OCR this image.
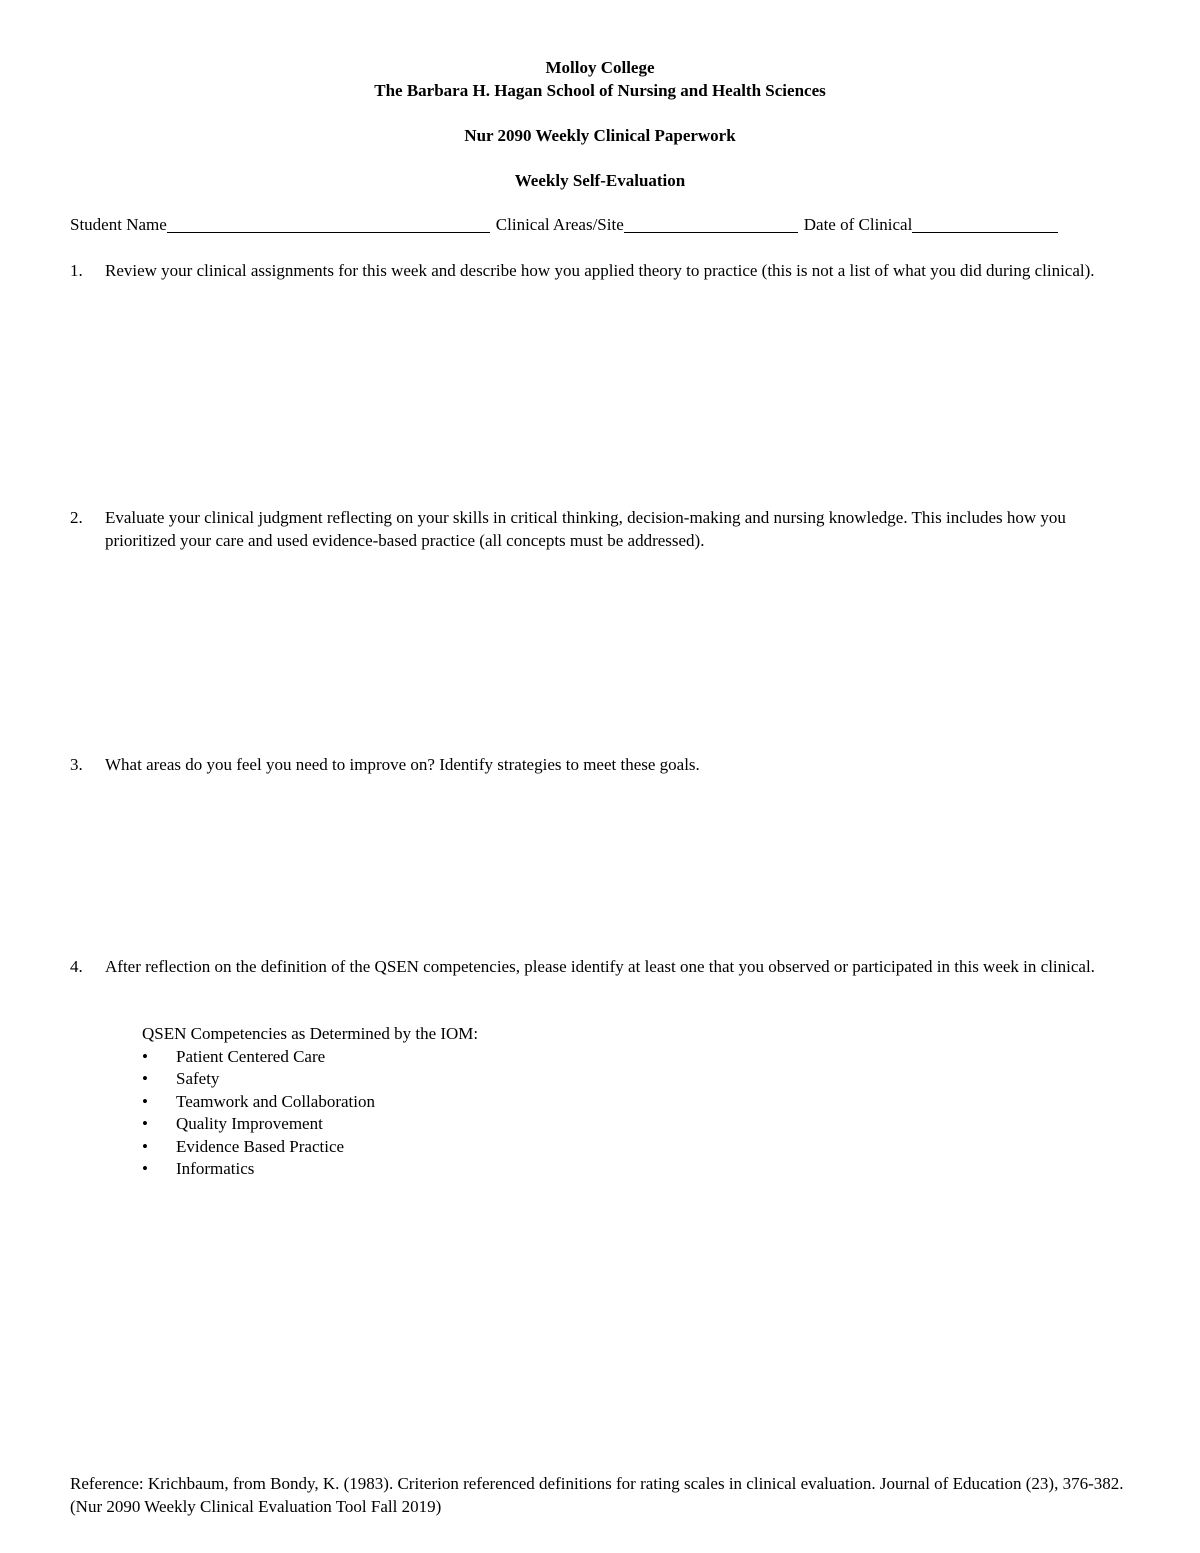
Molloy College
The Barbara H. Hagan School of Nursing and Health Sciences
Nur 2090 Weekly Clinical Paperwork
Weekly Self-Evaluation
Student Name	Clinical Areas/Site	Date of Clinical
1.	Review your clinical assignments for this week and describe how you applied theory to practice (this is not a list of what you did during clinical).
2.	Evaluate your clinical judgment reflecting on your skills in critical thinking, decision-making and nursing knowledge. This includes how you prioritized your care and used evidence-based practice (all concepts must be addressed).
3.	What areas do you feel you need to improve on? Identify strategies to meet these goals.
4.	After reflection on the definition of the QSEN competencies, please identify at least one that you observed or participated in this week in clinical.
QSEN Competencies as Determined by the IOM:
• Patient Centered Care
• Safety
• Teamwork and Collaboration
• Quality Improvement
• Evidence Based Practice
• Informatics
Reference: Krichbaum, from Bondy, K. (1983). Criterion referenced definitions for rating scales in clinical evaluation. Journal of Education (23), 376-382.(Nur 2090 Weekly Clinical Evaluation Tool Fall 2019)
